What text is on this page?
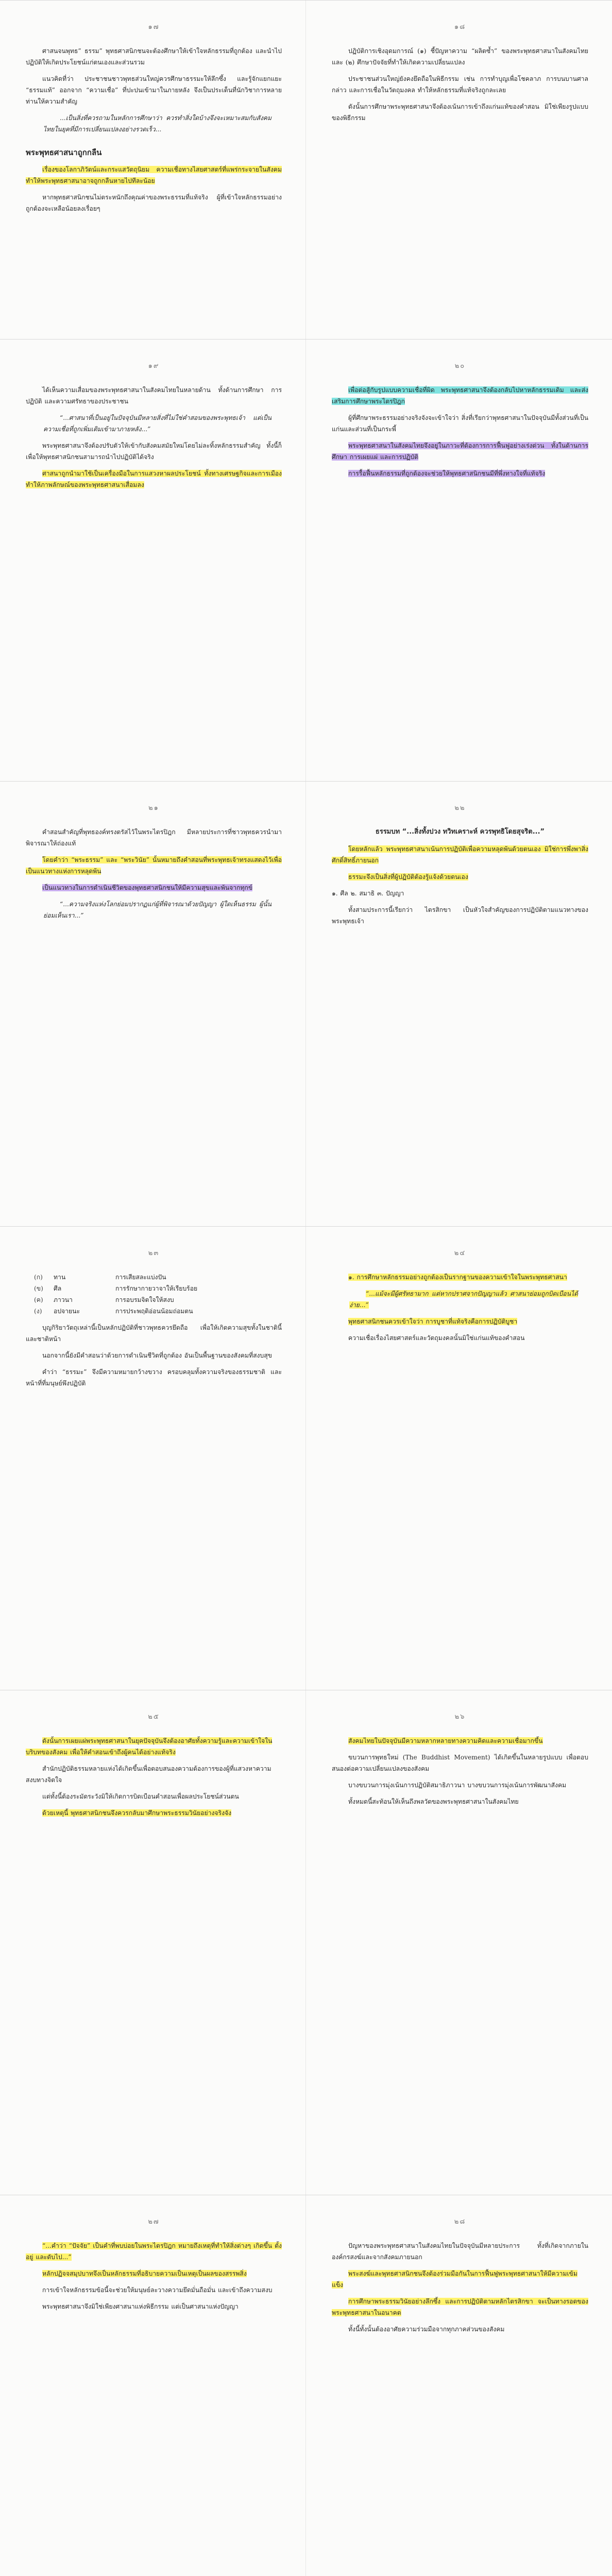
๑๗

ศาสนจนพุทธ” ธรรม” พุทธศาสนิกชนจะต้องศึกษาให้เข้าใจหลักธรรมที่ถูกต้อง และนำไปปฏิบัติให้เกิดประโยชน์แก่ตนเองและส่วนรวม

แนวคิดที่ว่า ประชาชนชาวพุทธส่วนใหญ่ควรศึกษาธรรมะให้ลึกซึ้ง และรู้จักแยกแยะ “ธรรมแท้” ออกจาก “ความเชื่อ” ที่ปะปนเข้ามาในภายหลัง จึงเป็นประเด็นที่นักวิชาการหลายท่านให้ความสำคัญ

...เป็นสิ่งที่ควรถามในหลักการศึกษาว่า ควรทำสิ่งใดบ้างจึงจะเหมาะสมกับสังคมไทยในยุคที่มีการเปลี่ยนแปลงอย่างรวดเร็ว...

พระพุทธศาสนาถูกกลืน

เรื่องของโลกาภิวัตน์และกระแสวัตถุนิยม ความเชื่อทางไสยศาสตร์ที่แพร่กระจายในสังคม ทำให้พระพุทธศาสนาอาจถูกกลืนหายไปทีละน้อย

หากพุทธศาสนิกชนไม่ตระหนักถึงคุณค่าของพระธรรมที่แท้จริง ผู้ที่เข้าใจหลักธรรมอย่างถูกต้องจะเหลือน้อยลงเรื่อยๆ

๑๘

ปฏิบัติการเชิงอุดมการณ์ (๑) ชี้ปัญหาความ “ผลิตซ้ำ” ของพระพุทธศาสนาในสังคมไทย และ (๒) ศึกษาปัจจัยที่ทำให้เกิดความเปลี่ยนแปลง

ประชาชนส่วนใหญ่ยังคงยึดถือในพิธีกรรม เช่น การทำบุญเพื่อโชคลาภ การบนบานศาลกล่าว และการเชื่อในวัตถุมงคล ทำให้หลักธรรมที่แท้จริงถูกละเลย

ดังนั้นการศึกษาพระพุทธศาสนาจึงต้องเน้นการเข้าถึงแก่นแท้ของคำสอน มิใช่เพียงรูปแบบของพิธีกรรม

๑๙

ได้เห็นความเสื่อมของพระพุทธศาสนาในสังคมไทยในหลายด้าน ทั้งด้านการศึกษา การปฏิบัติ และความศรัทธาของประชาชน

“...ศาสนาที่เป็นอยู่ในปัจจุบันมีหลายสิ่งที่ไม่ใช่คำสอนของพระพุทธเจ้า แต่เป็นความเชื่อที่ถูกเพิ่มเติมเข้ามาภายหลัง...”

พระพุทธศาสนาจึงต้องปรับตัวให้เข้ากับสังคมสมัยใหม่โดยไม่ละทิ้งหลักธรรมสำคัญ ทั้งนี้ก็เพื่อให้พุทธศาสนิกชนสามารถนำไปปฏิบัติได้จริง

ศาสนาถูกนำมาใช้เป็นเครื่องมือในการแสวงหาผลประโยชน์ ทั้งทางเศรษฐกิจและการเมือง ทำให้ภาพลักษณ์ของพระพุทธศาสนาเสื่อมลง

๒๐

เพื่อต่อสู้กับรูปแบบความเชื่อที่ผิด พระพุทธศาสนาจึงต้องกลับไปหาหลักธรรมเดิม และส่งเสริมการศึกษาพระไตรปิฎก

ผู้ที่ศึกษาพระธรรมอย่างจริงจังจะเข้าใจว่า สิ่งที่เรียกว่าพุทธศาสนาในปัจจุบันมีทั้งส่วนที่เป็นแก่นและส่วนที่เป็นกระพี้

พระพุทธศาสนาในสังคมไทยจึงอยู่ในภาวะที่ต้องการการฟื้นฟูอย่างเร่งด่วน ทั้งในด้านการศึกษา การเผยแผ่ และการปฏิบัติ

การรื้อฟื้นหลักธรรมที่ถูกต้องจะช่วยให้พุทธศาสนิกชนมีที่พึ่งทางใจที่แท้จริง

๒๑

คำสอนสำคัญที่พุทธองค์ทรงตรัสไว้ในพระไตรปิฎก มีหลายประการที่ชาวพุทธควรนำมาพิจารณาให้ถ่องแท้

โดยคำว่า “พระธรรม” และ “พระวินัย” นั้นหมายถึงคำสอนที่พระพุทธเจ้าทรงแสดงไว้เพื่อเป็นแนวทางแห่งการหลุดพ้น

เป็นแนวทางในการดำเนินชีวิตของพุทธศาสนิกชนให้มีความสุขและพ้นจากทุกข์

“...ความจริงแห่งโลกย่อมปรากฏแก่ผู้ที่พิจารณาด้วยปัญญา ผู้ใดเห็นธรรม ผู้นั้นย่อมเห็นเรา...”

๒๒
ธรรมบท “...สิ่งทั้งปวง ทวิทเคราะห์ ควรพุทธิโดยสุจริต...”

โดยหลักแล้ว พระพุทธศาสนาเน้นการปฏิบัติเพื่อความหลุดพ้นด้วยตนเอง มิใช่การพึ่งพาสิ่งศักดิ์สิทธิ์ภายนอก

ธรรมะจึงเป็นสิ่งที่ผู้ปฏิบัติต้องรู้แจ้งด้วยตนเอง

๑. ศีล ๒. สมาธิ ๓. ปัญญา

ทั้งสามประการนี้เรียกว่า ไตรสิกขา เป็นหัวใจสำคัญของการปฏิบัติตามแนวทางของพระพุทธเจ้า

๒๓
(ก)	ทาน	การเสียสละแบ่งปัน
(ข)	ศีล	การรักษากายวาจาให้เรียบร้อย
(ค)	ภาวนา	การอบรมจิตใจให้สงบ
(ง)	อปจายนะ	การประพฤติอ่อนน้อมถ่อมตน

บุญกิริยาวัตถุเหล่านี้เป็นหลักปฏิบัติที่ชาวพุทธควรยึดถือ เพื่อให้เกิดความสุขทั้งในชาตินี้และชาติหน้า

นอกจากนี้ยังมีคำสอนว่าด้วยการดำเนินชีวิตที่ถูกต้อง อันเป็นพื้นฐานของสังคมที่สงบสุข

คำว่า “ธรรมะ” จึงมีความหมายกว้างขวาง ครอบคลุมทั้งความจริงของธรรมชาติ และหน้าที่ที่มนุษย์พึงปฏิบัติ

๒๔

๑. การศึกษาหลักธรรมอย่างถูกต้องเป็นรากฐานของความเข้าใจในพระพุทธศาสนา

“...แม้จะมีผู้ศรัทธามาก แต่หากปราศจากปัญญาแล้ว ศาสนาย่อมถูกบิดเบือนได้ง่าย...”

พุทธศาสนิกชนควรเข้าใจว่า การบูชาที่แท้จริงคือการปฏิบัติบูชา

ความเชื่อเรื่องไสยศาสตร์และวัตถุมงคลนั้นมิใช่แก่นแท้ของคำสอน

๒๕

ดังนั้นการเผยแผ่พระพุทธศาสนาในยุคปัจจุบันจึงต้องอาศัยทั้งความรู้และความเข้าใจในบริบทของสังคม เพื่อให้คำสอนเข้าถึงผู้คนได้อย่างแท้จริง

สำนักปฏิบัติธรรมหลายแห่งได้เกิดขึ้นเพื่อตอบสนองความต้องการของผู้ที่แสวงหาความสงบทางจิตใจ

แต่ทั้งนี้ต้องระมัดระวังมิให้เกิดการบิดเบือนคำสอนเพื่อผลประโยชน์ส่วนตน

ด้วยเหตุนี้ พุทธศาสนิกชนจึงควรกลับมาศึกษาพระธรรมวินัยอย่างจริงจัง

๒๖

สังคมไทยในปัจจุบันมีความหลากหลายทางความคิดและความเชื่อมากขึ้น

ขบวนการพุทธใหม่ (The Buddhist Movement) ได้เกิดขึ้นในหลายรูปแบบ เพื่อตอบสนองต่อความเปลี่ยนแปลงของสังคม

บางขบวนการมุ่งเน้นการปฏิบัติสมาธิภาวนา บางขบวนการมุ่งเน้นการพัฒนาสังคม

ทั้งหมดนี้สะท้อนให้เห็นถึงพลวัตของพระพุทธศาสนาในสังคมไทย

๒๗

“...คำว่า “ปัจจัย” เป็นคำที่พบบ่อยในพระไตรปิฎก หมายถึงเหตุที่ทำให้สิ่งต่างๆ เกิดขึ้น ตั้งอยู่ และดับไป...”

หลักปฏิจจสมุปบาทจึงเป็นหลักธรรมที่อธิบายความเป็นเหตุเป็นผลของสรรพสิ่ง

การเข้าใจหลักธรรมข้อนี้จะช่วยให้มนุษย์ละวางความยึดมั่นถือมั่น และเข้าถึงความสงบ

พระพุทธศาสนาจึงมิใช่เพียงศาสนาแห่งพิธีกรรม แต่เป็นศาสนาแห่งปัญญา

๒๘

ปัญหาของพระพุทธศาสนาในสังคมไทยในปัจจุบันมีหลายประการ ทั้งที่เกิดจากภายในองค์กรสงฆ์และจากสังคมภายนอก

พระสงฆ์และพุทธศาสนิกชนจึงต้องร่วมมือกันในการฟื้นฟูพระพุทธศาสนาให้มีความเข้มแข็ง

การศึกษาพระธรรมวินัยอย่างลึกซึ้ง และการปฏิบัติตามหลักไตรสิกขา จะเป็นทางรอดของพระพุทธศาสนาในอนาคต

ทั้งนี้ทั้งนั้นต้องอาศัยความร่วมมือจากทุกภาคส่วนของสังคม
